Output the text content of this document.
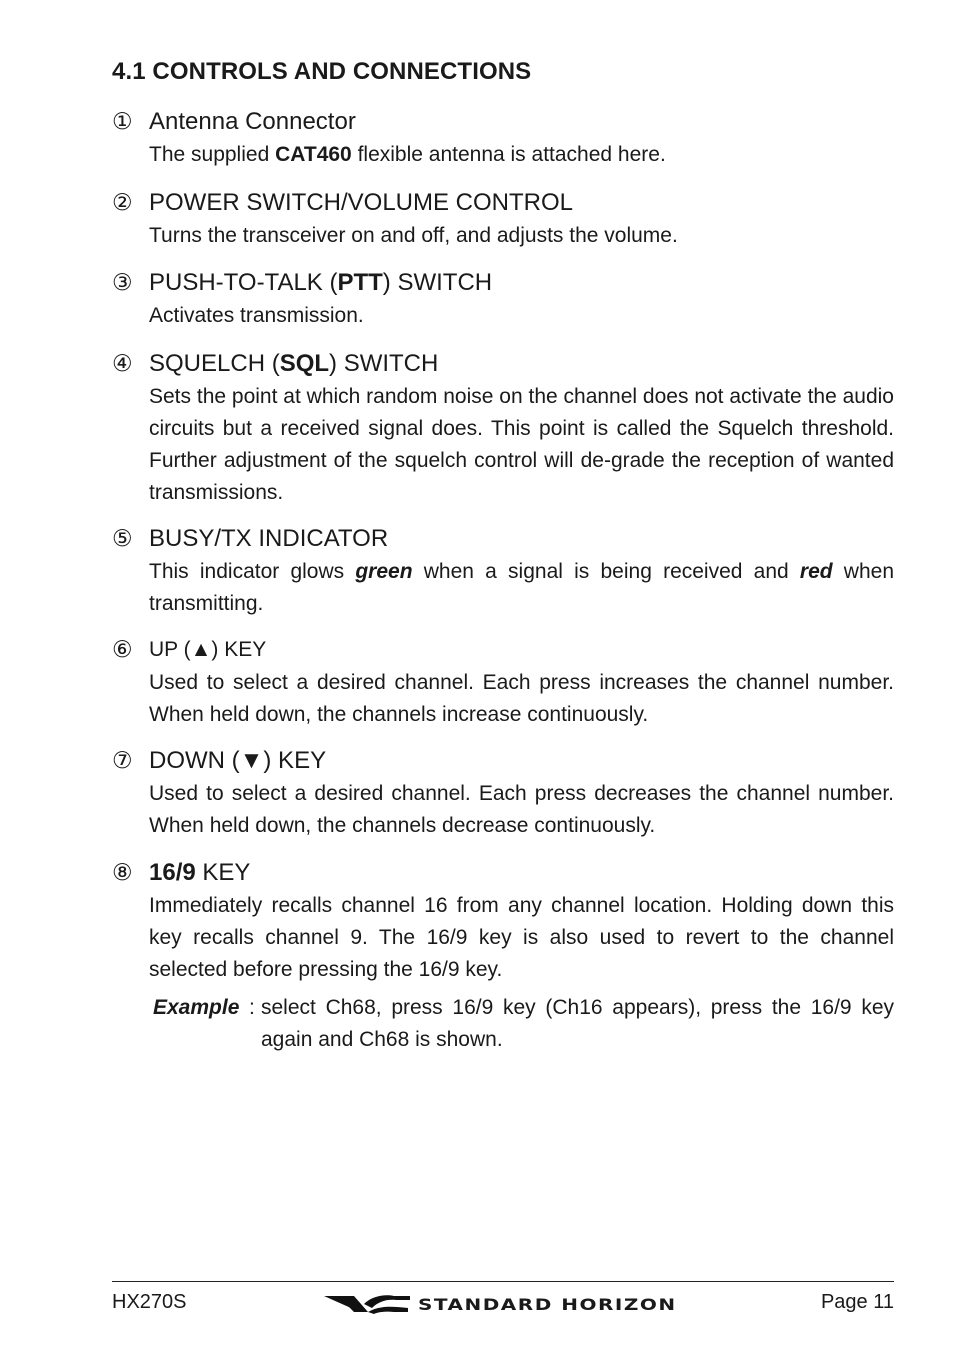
4.1 CONTROLS AND CONNECTIONS
① Antenna Connector
The supplied CAT460 flexible antenna is attached here.
② POWER SWITCH/VOLUME CONTROL
Turns the transceiver on and off, and adjusts the volume.
③ PUSH-TO-TALK (PTT) SWITCH
Activates transmission.
④ SQUELCH (SQL) SWITCH
Sets the point at which random noise on the channel does not activate the audio circuits but a received signal does. This point is called the Squelch threshold. Further adjustment of the squelch control will de-grade the reception of wanted transmissions.
⑤ BUSY/TX INDICATOR
This indicator glows green when a signal is being received and red when transmitting.
⑥ UP (▲) KEY
Used to select a desired channel. Each press increases the channel number. When held down, the channels increase continuously.
⑦ DOWN (▼) KEY
Used to select a desired channel. Each press decreases the channel number. When held down, the channels decrease continuously.
⑧ 16/9 KEY
Immediately recalls channel 16 from any channel location. Holding down this key recalls channel 9. The 16/9 key is also used to revert to the channel selected before pressing the 16/9 key.
Example : select Ch68, press 16/9 key (Ch16 appears), press the 16/9 key again and Ch68 is shown.
HX270S	STANDARD HORIZON	Page 11
